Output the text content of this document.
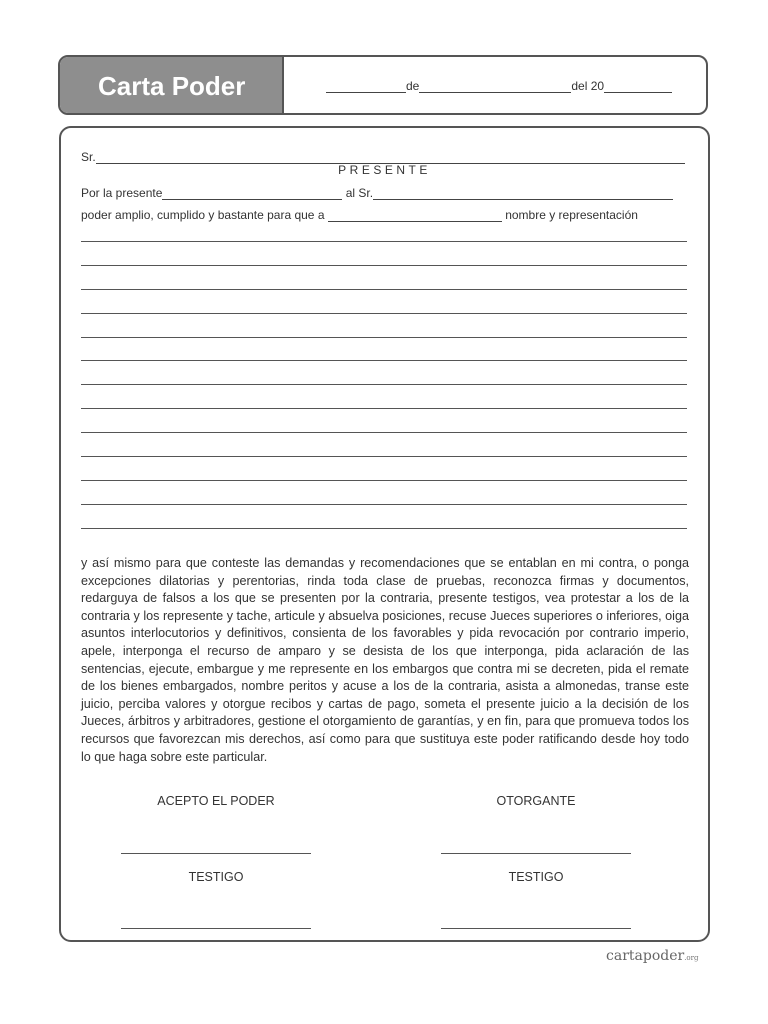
Carta Poder	de	del 20
Sr.
PRESENTE
Por la presente	al Sr.
poder amplio, cumplido y bastante para que a	nombre y representación

y así mismo para que conteste las demandas y recomendaciones que se entablan en mi contra, o ponga excepciones dilatorias y perentorias, rinda toda clase de pruebas, reconozca firmas y documentos, redarguya de falsos a los que se presenten por la contraria, presente testigos, vea protestar a los de la contraria y los represente y tache, articule y absuelva posiciones, recuse Jueces superiores o inferiores, oiga asuntos interlocutorios y definitivos, consienta de los favorables y pida revocación por contrario imperio, apele, interponga el recurso de amparo y se desista de los que interponga, pida aclaración de las sentencias, ejecute, embargue y me represente en los embargos que contra mi se decreten, pida el remate de los bienes embargados, nombre peritos y acuse a los de la contraria, asista a almonedas, transe este juicio, perciba valores y otorgue recibos y cartas de pago, someta el presente juicio a la decisión de los Jueces, árbitros y arbitradores, gestione el otorgamiento de garantías, y en fin, para que promueva todos los recursos que favorezcan mis derechos, así como para que sustituya este poder ratificando desde hoy todo lo que haga sobre este particular.

ACEPTO EL PODER	OTORGANTE
TESTIGO	TESTIGO
cartapoder.org
